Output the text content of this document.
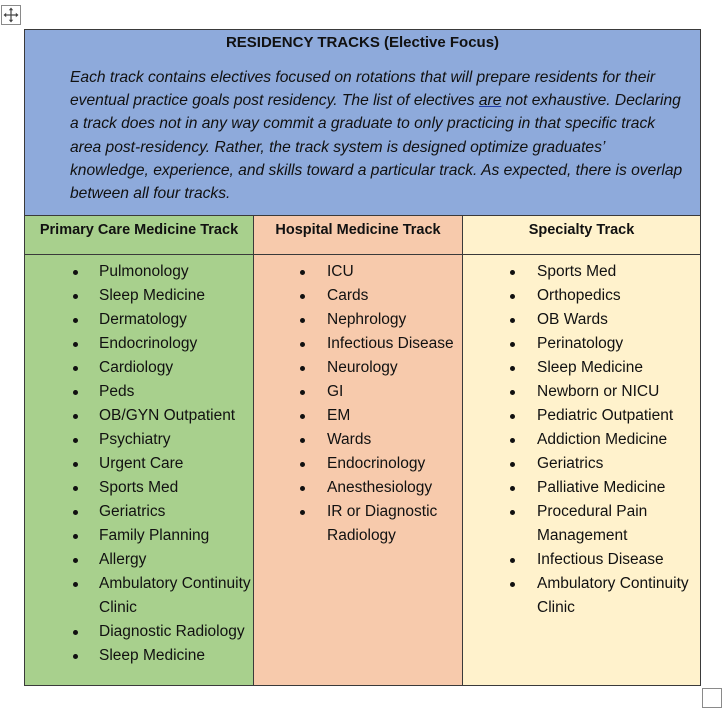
RESIDENCY TRACKS (Elective Focus)
Each track contains electives focused on rotations that will prepare residents for their eventual practice goals post residency. The list of electives are not exhaustive. Declaring a track does not in any way commit a graduate to only practicing in that specific track area post-residency. Rather, the track system is designed optimize graduates’ knowledge, experience, and skills toward a particular track. As expected, there is overlap between all four tracks.
Primary Care Medicine Track	Hospital Medicine Track	Specialty Track
Pulmonology
Sleep Medicine
Dermatology
Endocrinology
Cardiology
Peds
OB/GYN Outpatient
Psychiatry
Urgent Care
Sports Med
Geriatrics
Family Planning
Allergy
Ambulatory Continuity Clinic
Diagnostic Radiology
Sleep Medicine
ICU
Cards
Nephrology
Infectious Disease
Neurology
GI
EM
Wards
Endocrinology
Anesthesiology
IR or Diagnostic Radiology
Sports Med
Orthopedics
OB Wards
Perinatology
Sleep Medicine
Newborn or NICU
Pediatric Outpatient
Addiction Medicine
Geriatrics
Palliative Medicine
Procedural Pain Management
Infectious Disease
Ambulatory Continuity Clinic
